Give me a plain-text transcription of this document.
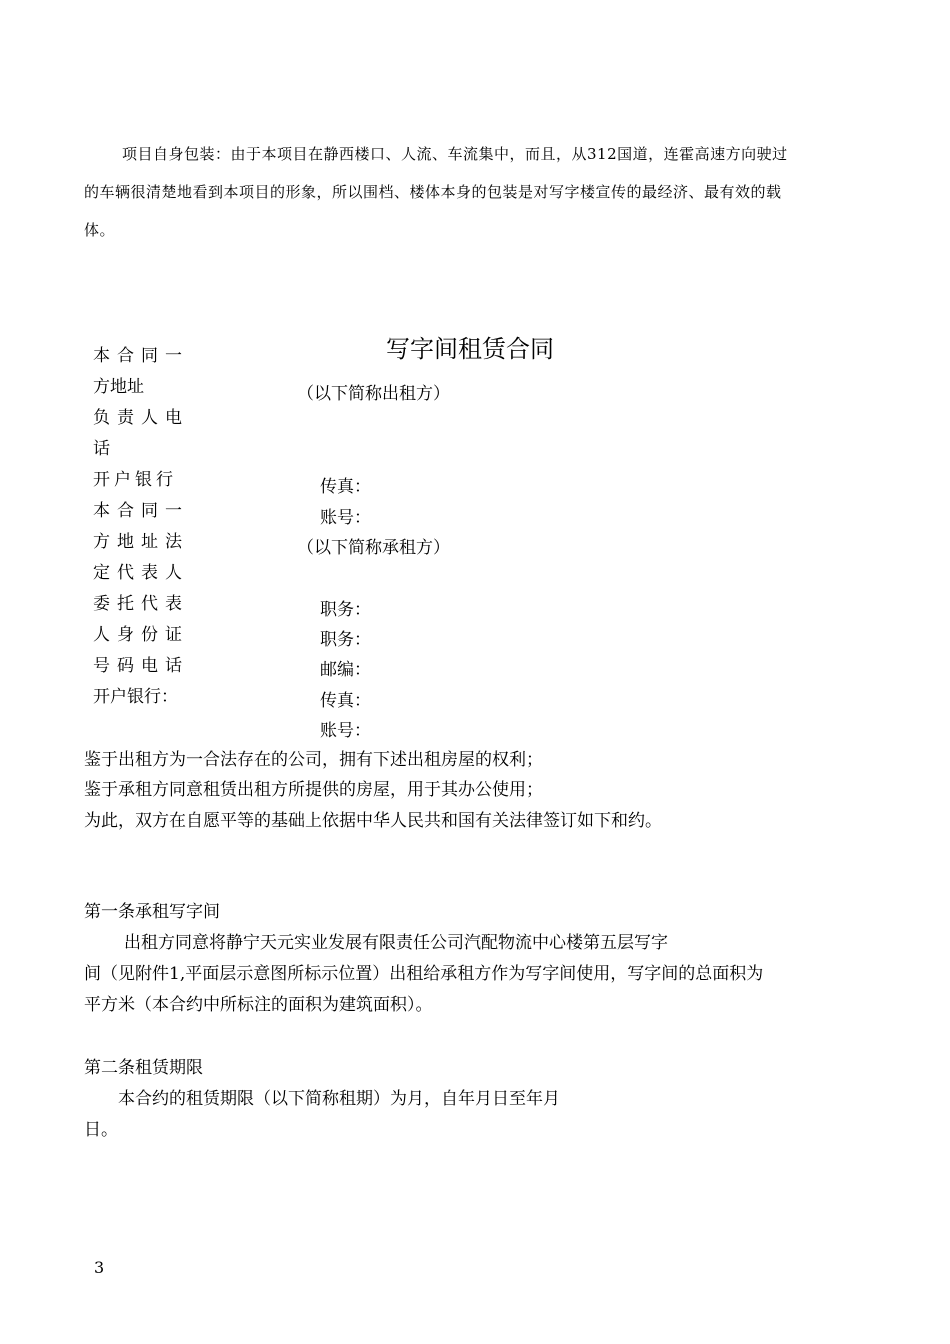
项目自身包装：由于本项目在静西楼口、人流、车流集中，而且，从312国道，连霍高速方向驶过
的车辆很清楚地看到本项目的形象，所以围档、楼体本身的包装是对写字楼宣传的最经济、最有效的载
体。
写字间租赁合同
本合同一
方地址
负责人电
话
开户银行
本合同一
方地址法
定代表人
委托代表
人身份证
号码电话
开户银行：
（以下简称出租方）
传真：
账号：
（以下简称承租方）
职务：
职务：
邮编：
传真：
账号：
鉴于出租方为一合法存在的公司，拥有下述出租房屋的权利；
鉴于承租方同意租赁出租方所提供的房屋，用于其办公使用；
为此，双方在自愿平等的基础上依据中华人民共和国有关法律签订如下和约。
第一条承租写字间
出租方同意将静宁天元实业发展有限责任公司汽配物流中心楼第五层写字
间（见附件1,平面层示意图所标示位置）出租给承租方作为写字间使用，写字间的总面积为
平方米（本合约中所标注的面积为建筑面积）。
第二条租赁期限
本合约的租赁期限（以下简称租期）为月，自年月日至年月
日。
3
